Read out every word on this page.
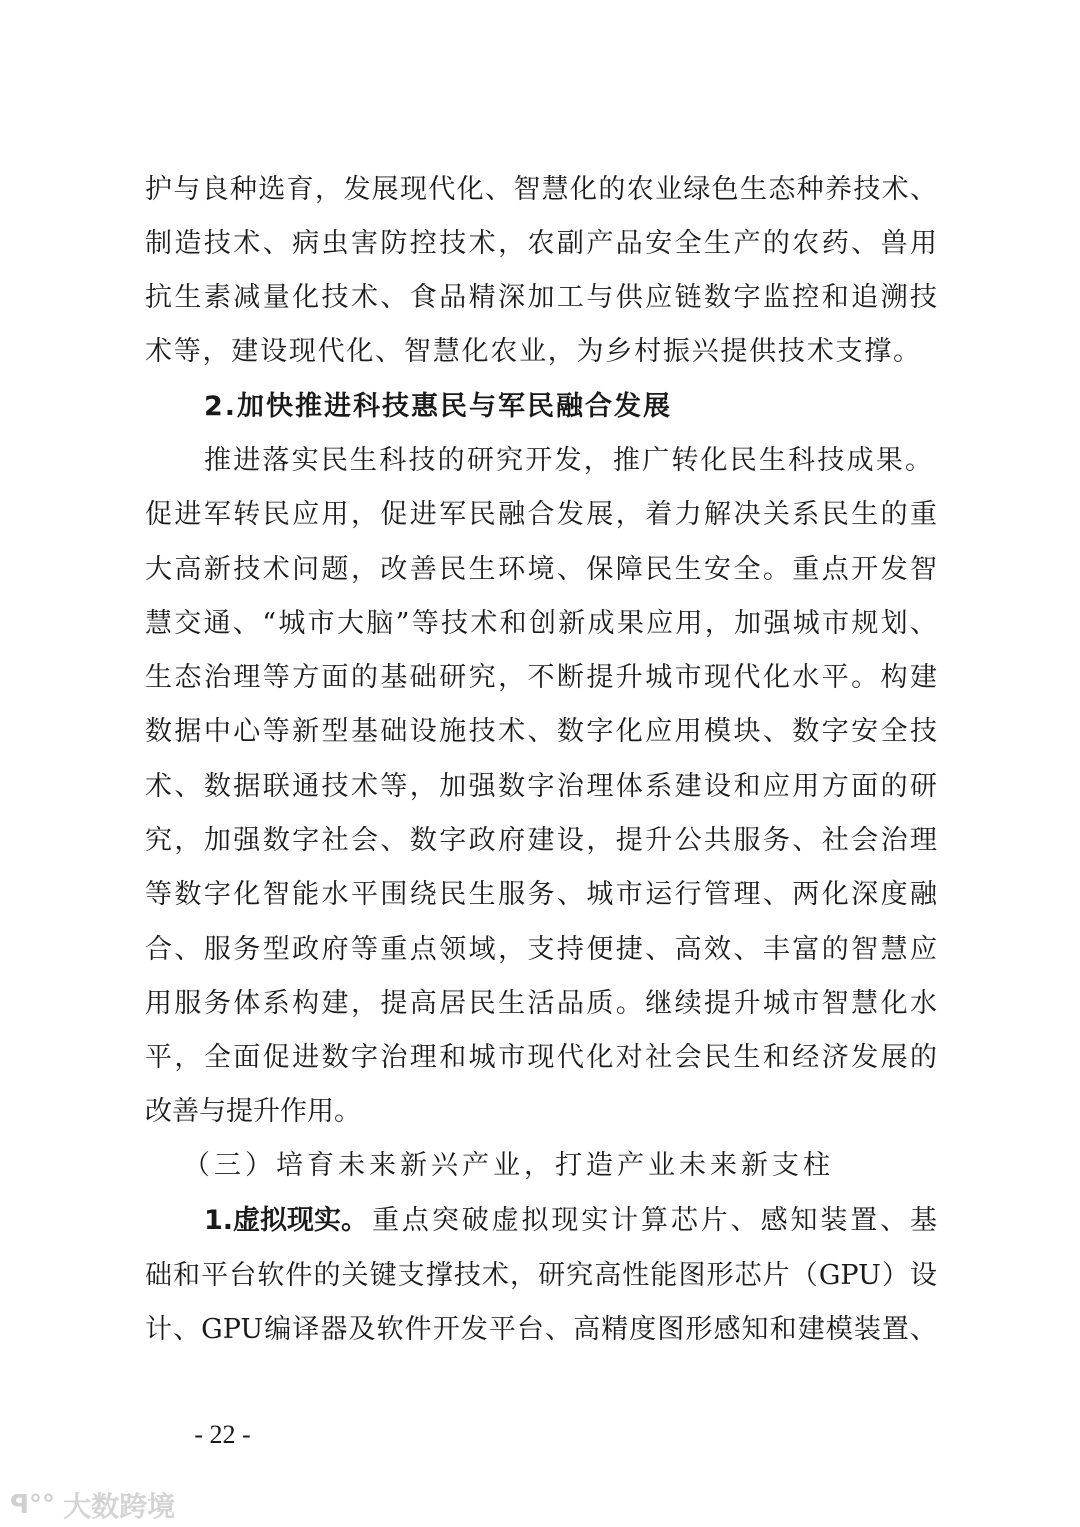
护与良种选育，发展现代化、智慧化的农业绿色生态种养技术、
制造技术、病虫害防控技术，农副产品安全生产的农药、兽用
抗生素减量化技术、食品精深加工与供应链数字监控和追溯技
术等，建设现代化、智慧化农业，为乡村振兴提供技术支撑。
2.加快推进科技惠民与军民融合发展
推进落实民生科技的研究开发，推广转化民生科技成果。
促进军转民应用，促进军民融合发展，着力解决关系民生的重
大高新技术问题，改善民生环境、保障民生安全。重点开发智
慧交通、“城市大脑”等技术和创新成果应用，加强城市规划、
生态治理等方面的基础研究，不断提升城市现代化水平。构建
数据中心等新型基础设施技术、数字化应用模块、数字安全技
术、数据联通技术等，加强数字治理体系建设和应用方面的研
究，加强数字社会、数字政府建设，提升公共服务、社会治理
等数字化智能水平围绕民生服务、城市运行管理、两化深度融
合、服务型政府等重点领域，支持便捷、高效、丰富的智慧应
用服务体系构建，提高居民生活品质。继续提升城市智慧化水
平，全面促进数字治理和城市现代化对社会民生和经济发展的
改善与提升作用。
（三）培育未来新兴产业，打造产业未来新支柱
1.虚拟现实。 重点突破虚拟现实计算芯片、感知装置、基
础和平台软件的关键支撑技术，研究高性能图形芯片（GPU）设
计、GPU编译器及软件开发平台、高精度图形感知和建模装置、
- 22 -
ꟼ°° 大数跨境
